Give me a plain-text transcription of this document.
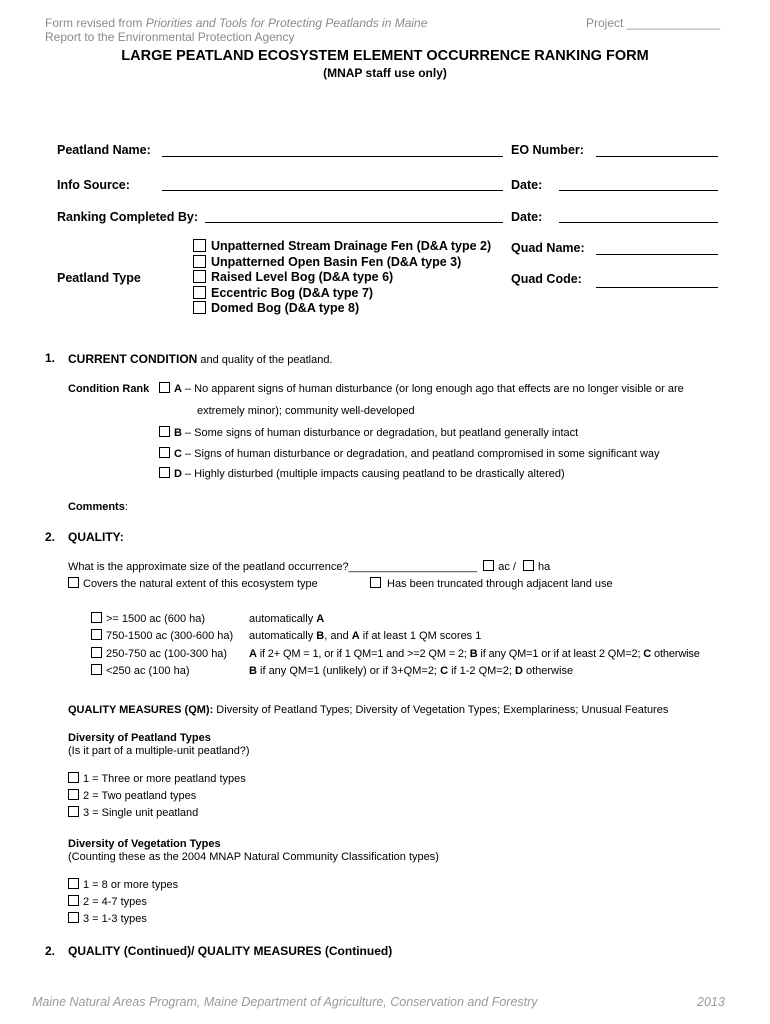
Form revised from Priorities and Tools for Protecting Peatlands in Maine
Report to the Environmental Protection Agency
Project ______________
LARGE PEATLAND ECOSYSTEM ELEMENT OCCURRENCE RANKING FORM
(MNAP staff use only)
Peatland Name:	EO Number:
Info Source:	Date:
Ranking Completed By:	Date:
Peatland Type
Unpatterned Stream Drainage Fen (D&A type 2)
Unpatterned Open Basin Fen (D&A type 3)
Raised Level Bog (D&A type 6)
Eccentric Bog (D&A type 7)
Domed Bog (D&A type 8)
Quad Name:
Quad Code:
1. CURRENT CONDITION and quality of the peatland.
Condition Rank	A – No apparent signs of human disturbance (or long enough ago that effects are no longer visible or are
extremely minor); community well-developed
B – Some signs of human disturbance or degradation, but peatland generally intact
C – Signs of human disturbance or degradation, and peatland compromised in some significant way
D – Highly disturbed (multiple impacts causing peatland to be drastically altered)
Comments:
2. QUALITY:
What is the approximate size of the peatland occurrence?_____________________ ac / ha
Covers the natural extent of this ecosystem type	Has been truncated through adjacent land use
>= 1500 ac (600 ha)	automatically A
750-1500 ac (300-600 ha) automatically B, and A if at least 1 QM scores 1
250-750 ac (100-300 ha) A if 2+ QM = 1, or if 1 QM=1 and >=2 QM = 2; B if any QM=1 or if at least 2 QM=2; C otherwise
<250 ac (100 ha)	B if any QM=1 (unlikely) or if 3+QM=2; C if 1-2 QM=2; D otherwise
QUALITY MEASURES (QM): Diversity of Peatland Types; Diversity of Vegetation Types; Exemplariness; Unusual Features
Diversity of Peatland Types
(Is it part of a multiple-unit peatland?)
1 = Three or more peatland types
2 = Two peatland types
3 = Single unit peatland
Diversity of Vegetation Types
(Counting these as the 2004 MNAP Natural Community Classification types)
1 = 8 or more types
2 = 4-7 types
3 = 1-3 types
2. QUALITY (Continued)/ QUALITY MEASURES (Continued)
Maine Natural Areas Program, Maine Department of Agriculture, Conservation and Forestry	2013
